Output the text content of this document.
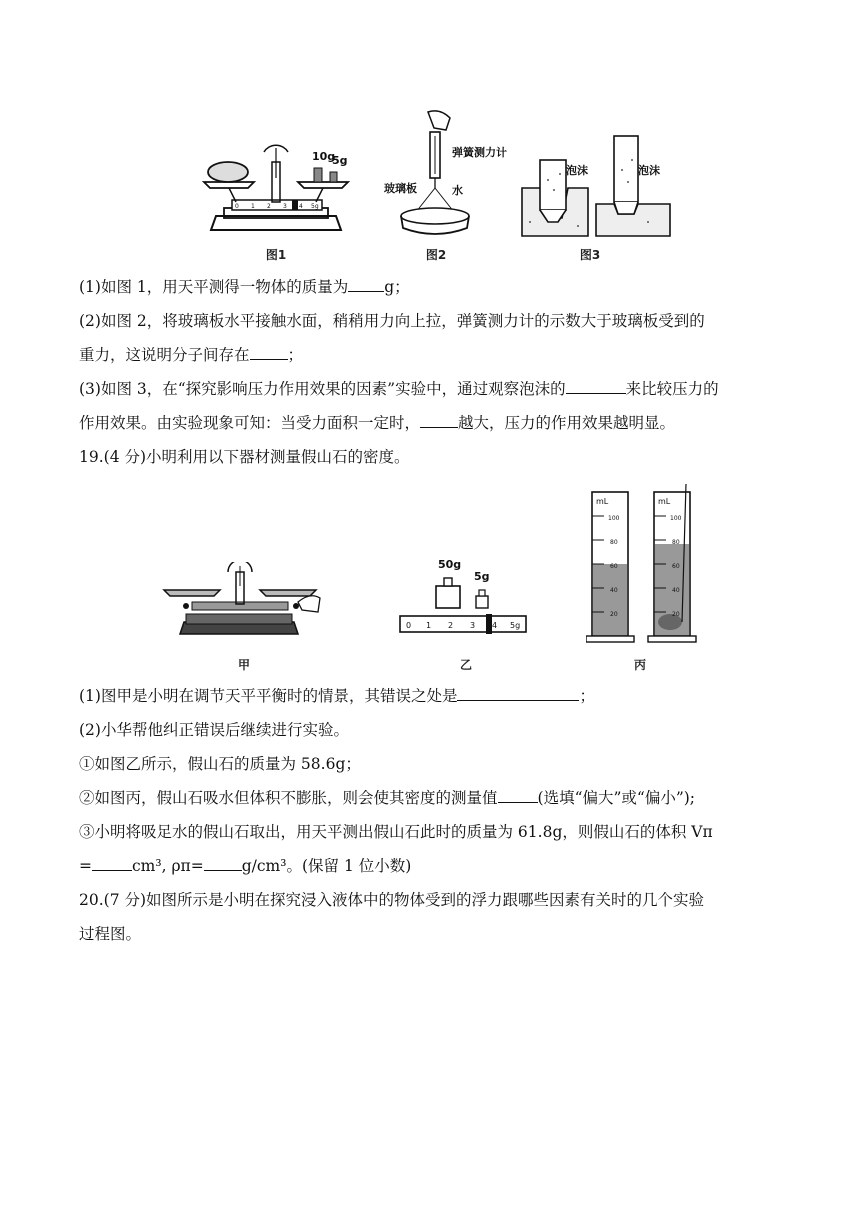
10g
5g
0 1 2 3 4 5g
图1
弹簧测力计
玻璃板	水
图2
泡沫	泡沫
图3
(1)如图 1，用天平测得一物体的质量为 g；
(2)如图 2，将玻璃板水平接触水面，稍稍用力向上拉，弹簧测力计的示数大于玻璃板受到的
重力，这说明分子间存在 ；
(3)如图 3，在“探究影响压力作用效果的因素”实验中，通过观察泡沫的	来比较压力的
作用效果。由实验现象可知：当受力面积一定时， 越大，压力的作用效果越明显。
19.(4 分)小明利用以下器材测量假山石的密度。
甲
50g
5g
0 1 2 3 4 5g
乙
mL
100
80
60
40
20
mL
100
80
60
40
20
丙
(1)图甲是小明在调节天平平衡时的情景，其错误之处是	；
(2)小华帮他纠正错误后继续进行实验。
①如图乙所示，假山石的质量为 58.6g；
②如图丙，假山石吸水但体积不膨胀，则会使其密度的测量值	(选填“偏大”或“偏小”);
③小明将吸足水的假山石取出，用天平测出假山石此时的质量为 61.8g，则假山石的体积 Vπ
=	cm³, ρπ= g/cm³。(保留 1 位小数)
20.(7 分)如图所示是小明在探究浸入液体中的物体受到的浮力跟哪些因素有关时的几个实验
过程图。
